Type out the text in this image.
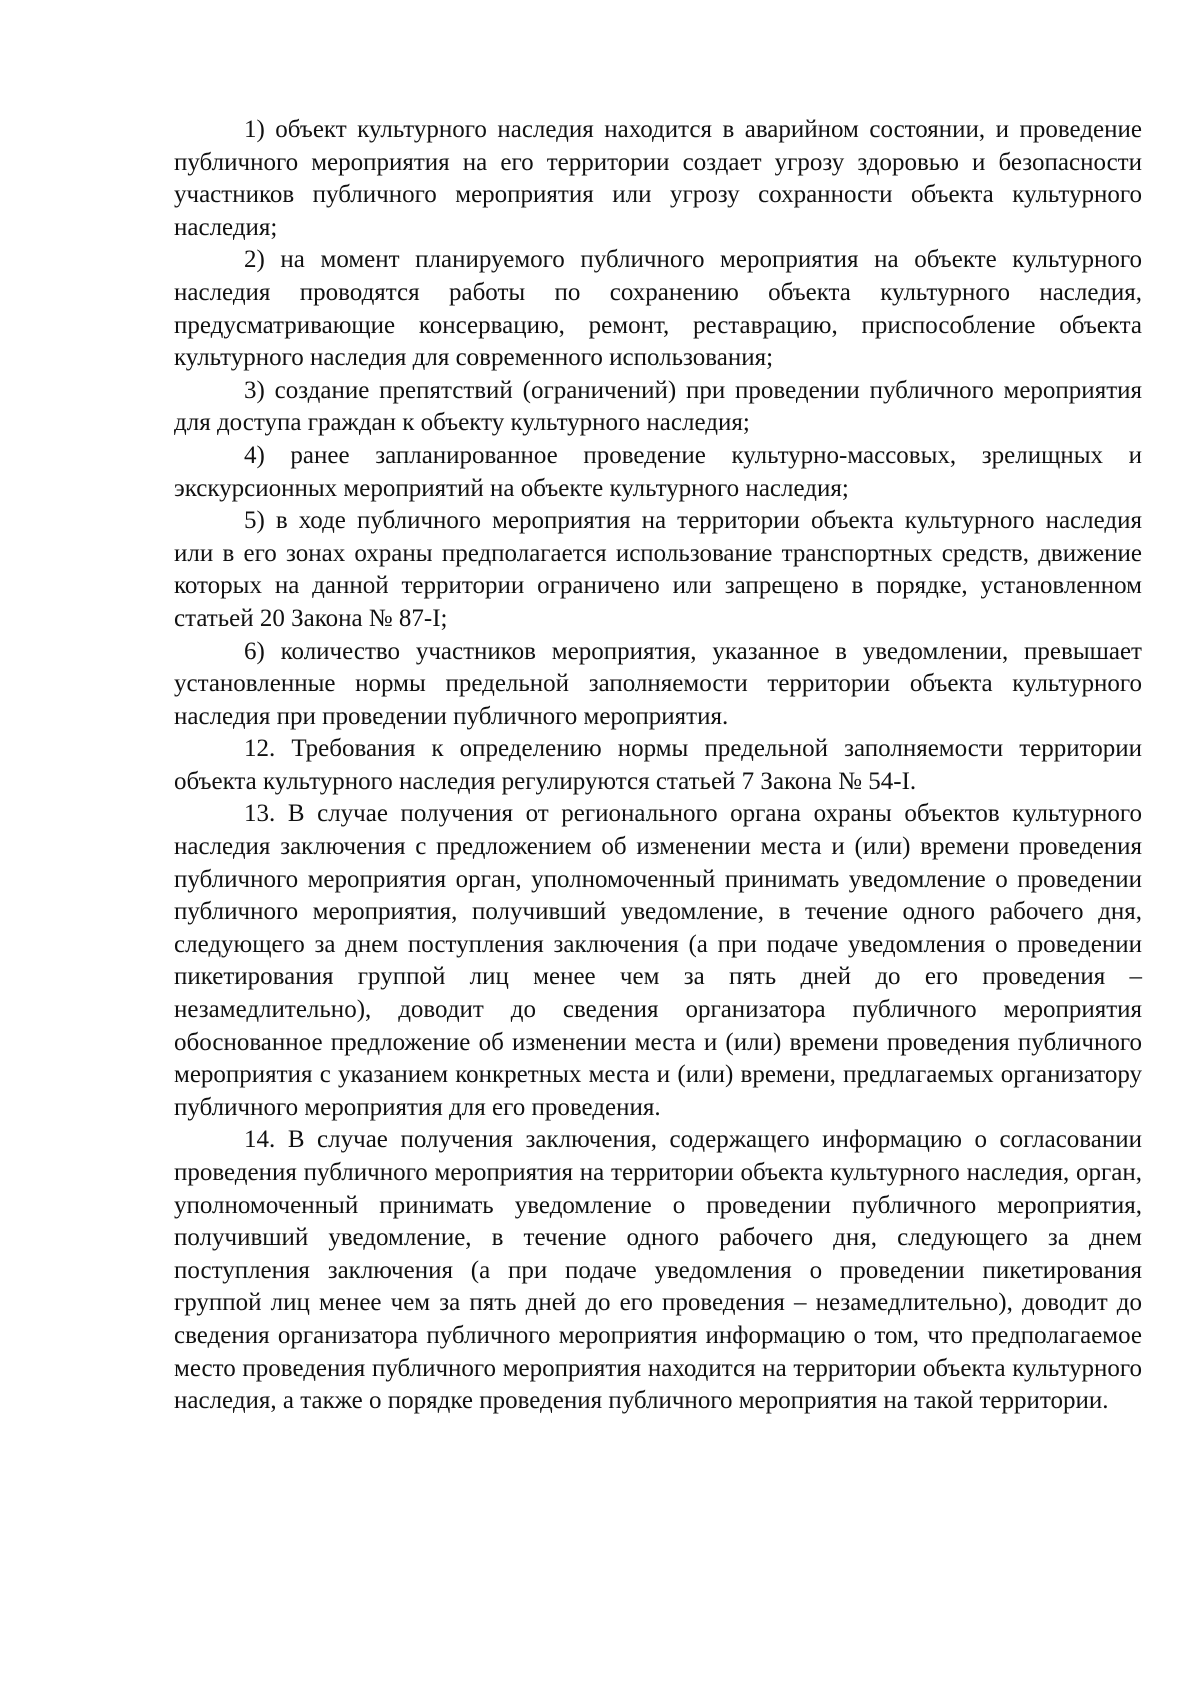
1) объект культурного наследия находится в аварийном состоянии, и проведение публичного мероприятия на его территории создает угрозу здоровью и безопасности участников публичного мероприятия или угрозу сохранности объекта культурного наследия;

2) на момент планируемого публичного мероприятия на объекте культурного наследия проводятся работы по сохранению объекта культурного наследия, предусматривающие консервацию, ремонт, реставрацию, приспособление объекта культурного наследия для современного использования;

3) создание препятствий (ограничений) при проведении публичного мероприятия для доступа граждан к объекту культурного наследия;

4) ранее запланированное проведение культурно-массовых, зрелищных и экскурсионных мероприятий на объекте культурного наследия;

5) в ходе публичного мероприятия на территории объекта культурного наследия или в его зонах охраны предполагается использование транспортных средств, движение которых на данной территории ограничено или запрещено в порядке, установленном статьей 20 Закона № 87-I;

6) количество участников мероприятия, указанное в уведомлении, превышает установленные нормы предельной заполняемости территории объекта культурного наследия при проведении публичного мероприятия.

12. Требования к определению нормы предельной заполняемости территории объекта культурного наследия регулируются статьей 7 Закона № 54-I.

13. В случае получения от регионального органа охраны объектов культурного наследия заключения с предложением об изменении места и (или) времени проведения публичного мероприятия орган, уполномоченный принимать уведомление о проведении публичного мероприятия, получивший уведомление, в течение одного рабочего дня, следующего за днем поступления заключения (а при подаче уведомления о проведении пикетирования группой лиц менее чем за пять дней до его проведения – незамедлительно), доводит до сведения организатора публичного мероприятия обоснованное предложение об изменении места и (или) времени проведения публичного мероприятия с указанием конкретных места и (или) времени, предлагаемых организатору публичного мероприятия для его проведения.

14. В случае получения заключения, содержащего информацию о согласовании проведения публичного мероприятия на территории объекта культурного наследия, орган, уполномоченный принимать уведомление о проведении публичного мероприятия, получивший уведомление, в течение одного рабочего дня, следующего за днем поступления заключения (а при подаче уведомления о проведении пикетирования группой лиц менее чем за пять дней до его проведения – незамедлительно), доводит до сведения организатора публичного мероприятия информацию о том, что предполагаемое место проведения публичного мероприятия находится на территории объекта культурного наследия, а также о порядке проведения публичного мероприятия на такой территории.
